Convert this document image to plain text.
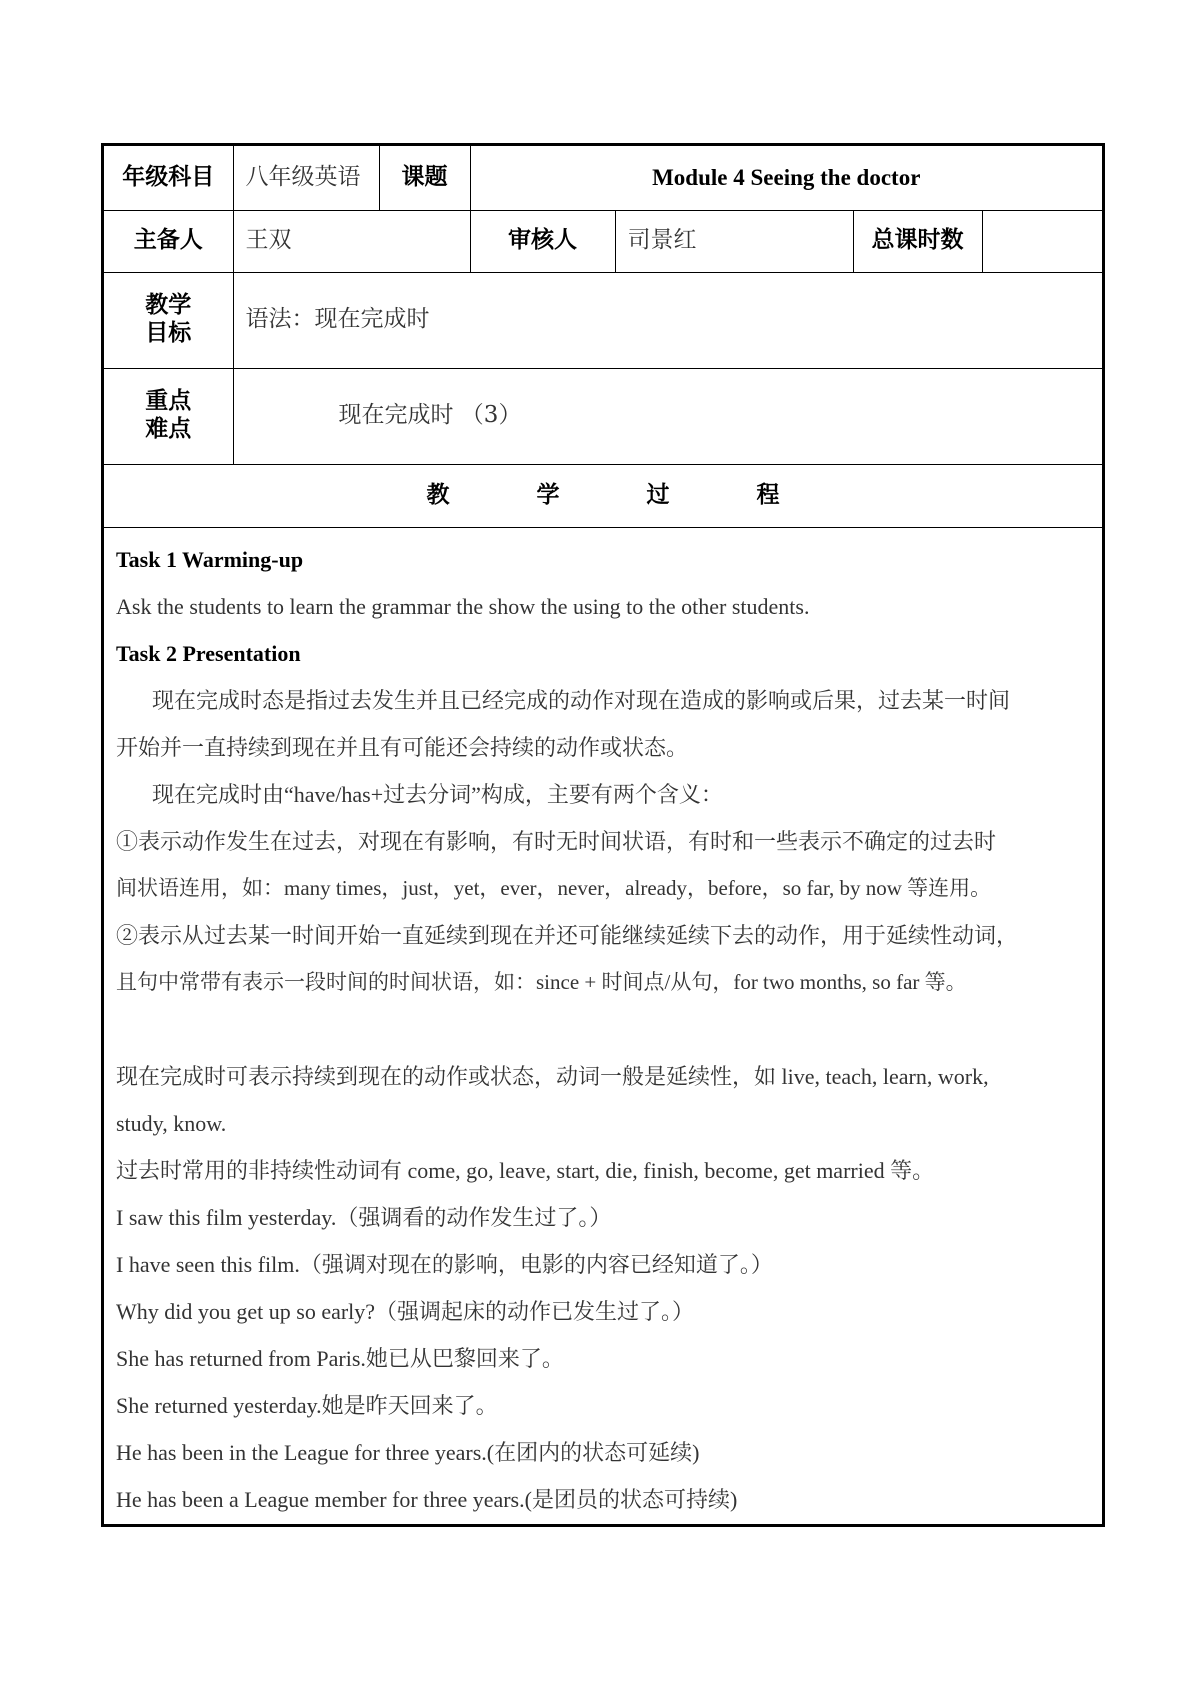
年级科目	八年级英语	课题	Module 4 Seeing the doctor			
主备人	王双		审核人	司景红	总课时数	

教学
目标	语法：现在完成时					

重点
难点	现在完成时 （3）					
教 学 过 程						

Task 1 Warming-up

Ask the students to learn the grammar the show the using to the other students.

Task 2 Presentation

现在完成时态是指过去发生并且已经完成的动作对现在造成的影响或后果，过去某一时间

开始并一直持续到现在并且有可能还会持续的动作或状态。

现在完成时由“have/has+过去分词”构成，主要有两个含义：

①表示动作发生在过去，对现在有影响，有时无时间状语，有时和一些表示不确定的过去时

间状语连用，如：many times，just，yet，ever，never，already，before，so far, by now 等连用。

②表示从过去某一时间开始一直延续到现在并还可能继续延续下去的动作，用于延续性动词，

且句中常带有表示一段时间的时间状语，如：since + 时间点/从句，for two months, so far 等。

现在完成时可表示持续到现在的动作或状态，动词一般是延续性，如 live, teach, learn, work,

study, know.

过去时常用的非持续性动词有 come, go, leave, start, die, finish, become, get married 等。

I saw this film yesterday.（强调看的动作发生过了。）

I have seen this film.（强调对现在的影响，电影的内容已经知道了。）

Why did you get up so early?（强调起床的动作已发生过了。）

She has returned from Paris.她已从巴黎回来了。

She returned yesterday.她是昨天回来了。

He has been in the League for three years.(在团内的状态可延续)

He has been a League member for three years.(是团员的状态可持续)
